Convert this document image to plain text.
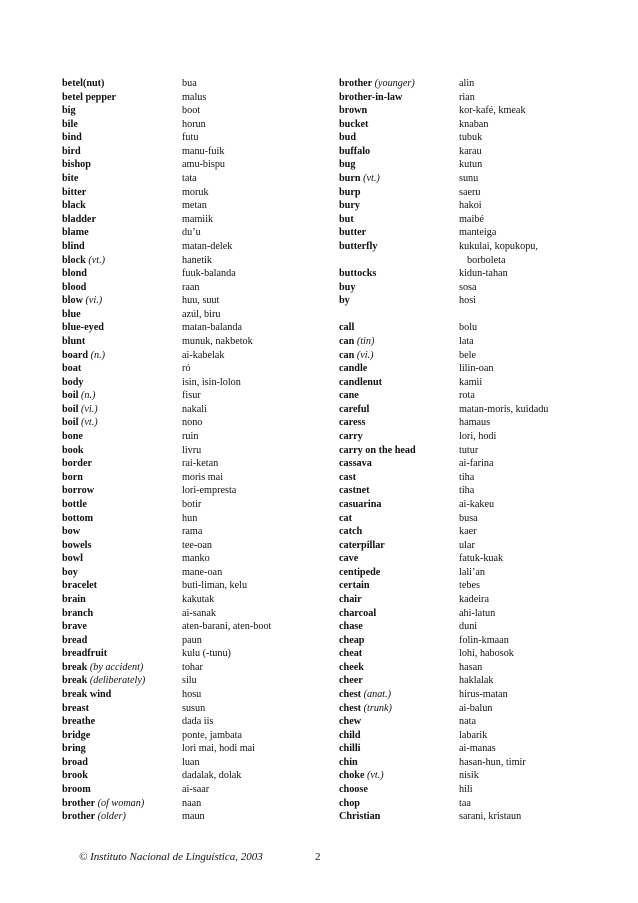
betel(nut)	bua
betel pepper	malus
big	boot
bile	horun
bind	futu
bird	manu-fuik
bishop	amu-bispu
bite	tata
bitter	moruk
black	metan
bladder	mamiik
blame	du’u
blind	matan-delek
block (vt.)	hanetik
blond	fuuk-balanda
blood	raan
blow (vi.)	huu, suut
blue	azúl, biru
blue-eyed	matan-balanda
blunt	munuk, nakbetok
board (n.)	ai-kabelak
boat	ró
body	isin, isin-lolon
boil (n.)	fisur
boil (vi.)	nakali
boil (vt.)	nono
bone	ruin
book	livru
border	rai-ketan
born	moris mai
borrow	lori-empresta
bottle	botir
bottom	hun
bow	rama
bowels	tee-oan
bowl	manko
boy	mane-oan
bracelet	buti-liman, kelu
brain	kakutak
branch	ai-sanak
brave	aten-barani, aten-boot
bread	paun
breadfruit	kulu (-tunu)
break (by accident)	tohar
break (deliberately)	silu
break wind	hosu
breast	susun
breathe	dada iis
bridge	ponte, jambata
bring	lori mai, hodi mai
broad	luan
brook	dadalak, dolak
broom	ai-saar
brother (of woman)	naan
brother (older)	maun
brother (younger)	alin
brother-in-law	rian
brown	kor-kafé, kmeak
bucket	knaban
bud	tubuk
buffalo	karau
bug	kutun
burn (vt.)	sunu
burp	saeru
bury	hakoi
but	maibé
butter	manteiga
butterfly	kukulai, kopukopu,
borboleta
buttocks	kidun-tahan
buy	sosa
by	hosi
call	bolu
can (tin)	lata
can (vi.)	bele
candle	lilin-oan
candlenut	kamii
cane	rota
careful	matan-moris, kuidadu
caress	hamaus
carry	lori, hodi
carry on the head	tutur
cassava	ai-farina
cast	tiha
castnet	tiha
casuarina	ai-kakeu
cat	busa
catch	kaer
caterpillar	ular
cave	fatuk-kuak
centipede	lali’an
certain	tebes
chair	kadeira
charcoal	ahi-latun
chase	duni
cheap	folin-kmaan
cheat	lohi, habosok
cheek	hasan
cheer	haklalak
chest (anat.)	hirus-matan
chest (trunk)	ai-balun
chew	nata
child	labarik
chilli	ai-manas
chin	hasan-hun, timir
choke (vt.)	nisik
choose	hili
chop	taa
Christian	sarani, kristaun
© Instituto Nacional de Linguística, 2003	2
